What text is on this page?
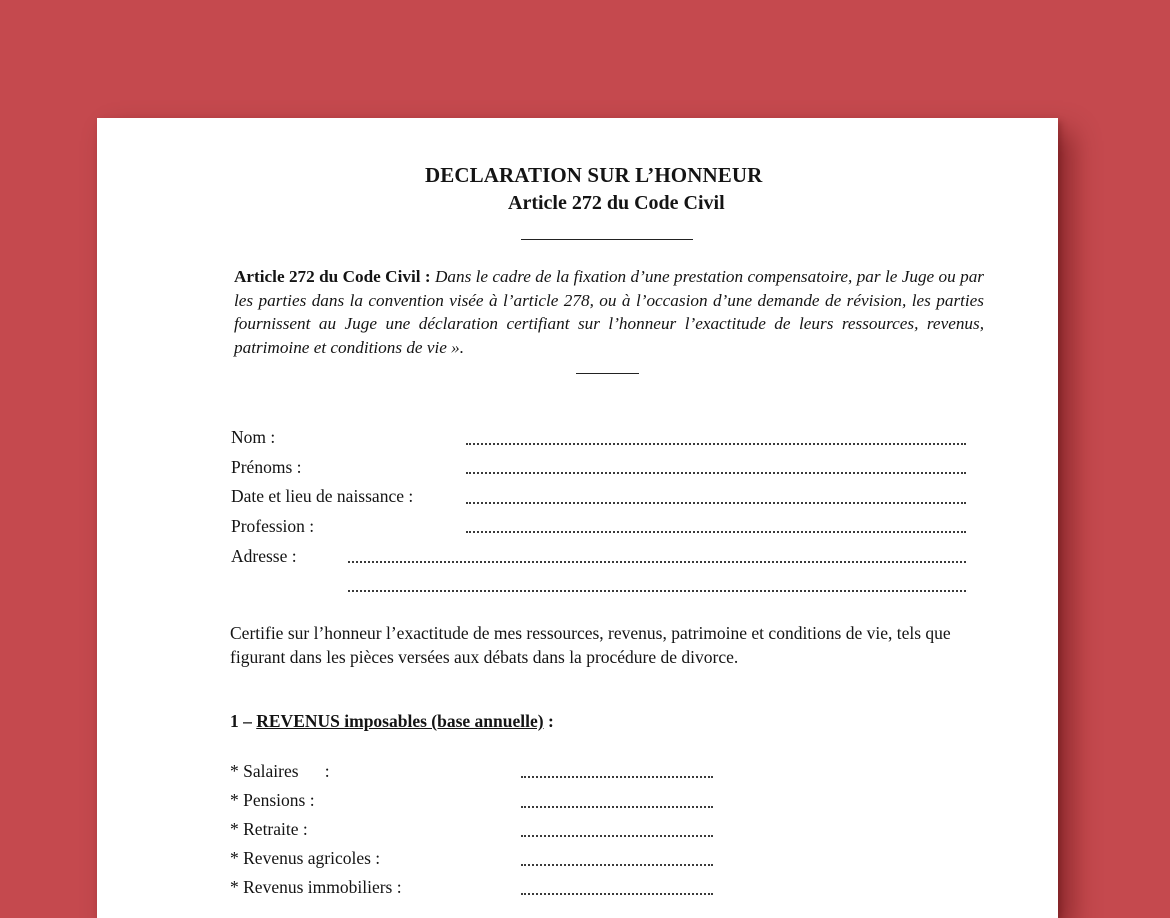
DECLARATION SUR L’HONNEUR
Article 272 du Code Civil
Article 272 du Code Civil : Dans le cadre de la fixation d’une prestation compensatoire, par le Juge ou par les parties dans la convention visée à l’article 278, ou à l’occasion d’une demande de révision, les parties fournissent au Juge une déclaration certifiant sur l’honneur l’exactitude de leurs ressources, revenus, patrimoine et conditions de vie ».
Nom :
Prénoms :
Date et lieu de naissance :
Profession :
Adresse :
Certifie sur l’honneur l’exactitude de mes ressources, revenus, patrimoine et conditions de vie, tels que figurant dans les pièces versées aux débats dans la procédure de divorce.
1 – REVENUS imposables (base annuelle) :
* Salaires      :
* Pensions :
* Retraite :
* Revenus agricoles :
* Revenus immobiliers :
